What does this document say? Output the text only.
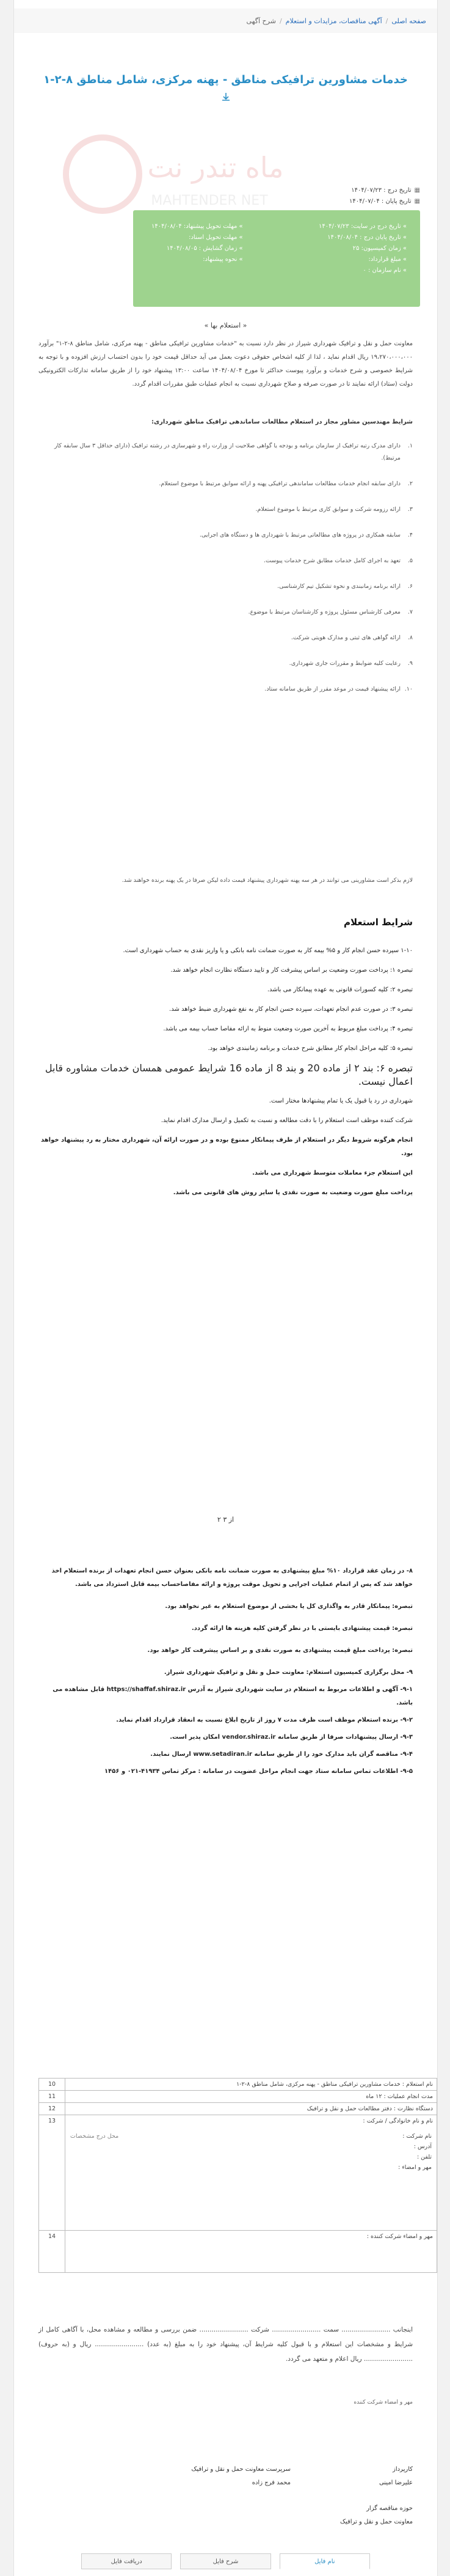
صفحه اصلی
/
آگهی مناقصات، مزایدات و استعلام
/
شرح آگهی
خدمات مشاورین ترافیکی مناطق - پهنه مرکزی، شامل مناطق ۸-۲-۱
ماه تندر نت
MAHTENDER NET
▦تاریخ درج : ۱۴۰۴/۰۷/۲۳
▦تاریخ پایان : ۱۴۰۴/۰۷/۰۴
» تاریخ درج در سایت: ۱۴۰۴/۰۷/۲۳
» تاریخ پایان درج : ۱۴۰۴/۰۸/۰۴
» زمان کمیسیون: ۲۵
» مبلغ قرارداد:
» نام سازمان : ۰
» مهلت تحویل پیشنهاد: ۱۴۰۴/۰۸/۰۴
» مهلت تحویل اسناد:
» زمان گشایش : ۱۴۰۴/۰۸/۰۵
» نحوه پیشنهاد:
« استعلام بها »
معاونت حمل و نقل و ترافیک شهرداری شیراز در نظر دارد نسبت به "خدمات مشاورین ترافیکی مناطق - پهنه مرکزی، شامل مناطق ۸-۲-۱" برآورد ۱۹،۲۷۰،۰۰۰،۰۰۰ ریال اقدام نماید ، لذا از کلیه اشخاص حقوقی دعوت بعمل می آید حداقل قیمت خود را بدون احتساب ارزش افزوده و با توجه به شرایط خصوصی و شرح خدمات و برآورد پیوست حداکثر تا مورخ ۱۴۰۴/۰۸/۰۴ ساعت ۱۳:۰۰ پیشنهاد خود را از طریق سامانه تدارکات الکترونیکی دولت (ستاد) ارائه نمایند تا در صورت صرفه و صلاح شهرداری نسبت به انجام عملیات طبق مقررات اقدام گردد.
شرایط مهندسین مشاور مجاز در استعلام مطالعات ساماندهی ترافیک مناطق شهرداری:
۱.
دارای مدرک رتبه ترافیک از سازمان برنامه و بودجه یا گواهی صلاحیت از وزارت راه و شهرسازی در رشته ترافیک (دارای حداقل ۳ سال سابقه کار مرتبط).
۲.
دارای سابقه انجام خدمات مطالعات ساماندهی ترافیکی پهنه و ارائه سوابق مرتبط با موضوع استعلام.
۳.
ارائه رزومه شرکت و سوابق کاری مرتبط با موضوع استعلام.
۴.
سابقه همکاری در پروژه های مطالعاتی مرتبط با شهرداری ها و دستگاه های اجرایی.
۵.
تعهد به اجرای کامل خدمات مطابق شرح خدمات پیوست.
۶.
ارائه برنامه زمانبندی و نحوه تشکیل تیم کارشناسی.
۷.
معرفی کارشناس مسئول پروژه و کارشناسان مرتبط با موضوع.
۸.
ارائه گواهی های ثبتی و مدارک هویتی شرکت.
۹.
رعایت کلیه ضوابط و مقررات جاری شهرداری.
۱۰.
ارائه پیشنهاد قیمت در موعد مقرر از طریق سامانه ستاد.
لازم بذکر است مشاورینی می توانند در هر سه پهنه شهرداری پیشنهاد قیمت داده لیکن صرفا در یک پهنه برنده خواهند شد.
شرایط استعلام
۱-۱۰ سپرده حسن انجام کار و ۵% بیمه کار به صورت ضمانت نامه بانکی و یا واریز نقدی به حساب شهرداری است.
تبصره ۱: پرداخت صورت وضعیت بر اساس پیشرفت کار و تایید دستگاه نظارت انجام خواهد شد.
تبصره ۲: کلیه کسورات قانونی به عهده پیمانکار می باشد.
تبصره ۳: در صورت عدم انجام تعهدات، سپرده حسن انجام کار به نفع شهرداری ضبط خواهد شد.
تبصره ۴: پرداخت مبلغ مربوط به آخرین صورت وضعیت منوط به ارائه مفاصا حساب بیمه می باشد.
تبصره ۵: کلیه مراحل انجام کار مطابق شرح خدمات و برنامه زمانبندی خواهد بود.
تبصره ۶: بند ۲ از ماده 20 و بند 8 از ماده 16 شرایط عمومی همسان خدمات مشاوره قابل اعمال نیست.
شهرداری در رد یا قبول یک یا تمام پیشنهادها مختار است.
شرکت کننده موظف است استعلام را با دقت مطالعه و نسبت به تکمیل و ارسال مدارک اقدام نماید.
انجام هرگونه شروط دیگر در استعلام از طرف پیمانکار ممنوع بوده و در صورت ارائه آن، شهرداری مختار به رد پیشنهاد خواهد بود.
این استعلام جزء معاملات متوسط شهرداری می باشد.
پرداخت مبلغ صورت وضعیت به صورت نقدی یا سایر روش های قانونی می باشد.
از ۳ ۲
۸- در زمان عقد قرارداد ۱۰% مبلغ پیشنهادی به صورت ضمانت نامه بانکی بعنوان حسن انجام تعهدات از برنده استعلام اخذ خواهد شد که پس از اتمام عملیات اجرایی و تحویل موقت پروژه و ارائه مفاصاحساب بیمه قابل استرداد می باشد.
تبصره: پیمانکار قادر به واگذاری کل یا بخشی از موضوع استعلام به غیر نخواهد بود.
تبصره: قیمت پیشنهادی بایستی با در نظر گرفتن کلیه هزینه ها ارائه گردد.
تبصره: پرداخت مبلغ قیمت پیشنهادی به صورت نقدی و بر اساس پیشرفت کار خواهد بود.
۹- محل برگزاری کمیسیون استعلام: معاونت حمل و نقل و ترافیک شهرداری شیراز.
۹-۱- آگهی و اطلاعات مربوط به استعلام در سایت شهرداری شیراز به آدرس https://shaffaf.shiraz.ir قابل مشاهده می باشد.
۹-۲- برنده استعلام موظف است ظرف مدت ۷ روز از تاریخ ابلاغ نسبت به انعقاد قرارداد اقدام نماید.
۹-۳- ارسال پیشنهادات صرفا از طریق سامانه vendor.shiraz.ir امکان پذیر است.
۹-۴- مناقصه گران باید مدارک خود را از طریق سامانه www.setadiran.ir ارسال نمایند.
۹-۵- اطلاعات تماس سامانه ستاد جهت انجام مراحل عضویت در سامانه : مرکز تماس ۴۱۹۳۴-۰۲۱ و ۱۴۵۶
نام استعلام : خدمات مشاورین ترافیکی مناطق - پهنه مرکزی، شامل مناطق ۸-۲-۱	10
مدت انجام عملیات : ۱۲ ماه	11
دستگاه نظارت : دفتر مطالعات حمل و نقل و ترافیک	12

نام و نام خانوادگی / شرکت :
نام شرکت :	محل درج مشخصات
آدرس :	
تلفن :	
مهر و امضاء :	
	13
مهر و امضاء شرکت کننده :	14
اینجانب ........................ سمت ........................ شرکت ........................ ضمن بررسی و مطالعه و مشاهده محل، با آگاهی کامل از شرایط و مشخصات این استعلام و با قبول کلیه شرایط آن، پیشنهاد خود را به مبلغ (به عدد) ........................ ریال و (به حروف) ........................ ریال اعلام و متعهد می گردد.
مهر و امضاء شرکت کننده
کارپرداز
علیرضا امینی
سرپرست معاونت حمل و نقل و ترافیک
محمد فرج زاده
حوزه مناقصه گزار
معاونت حمل و نقل و ترافیک
نام فایل
شرح فایل
دریافت فایل
